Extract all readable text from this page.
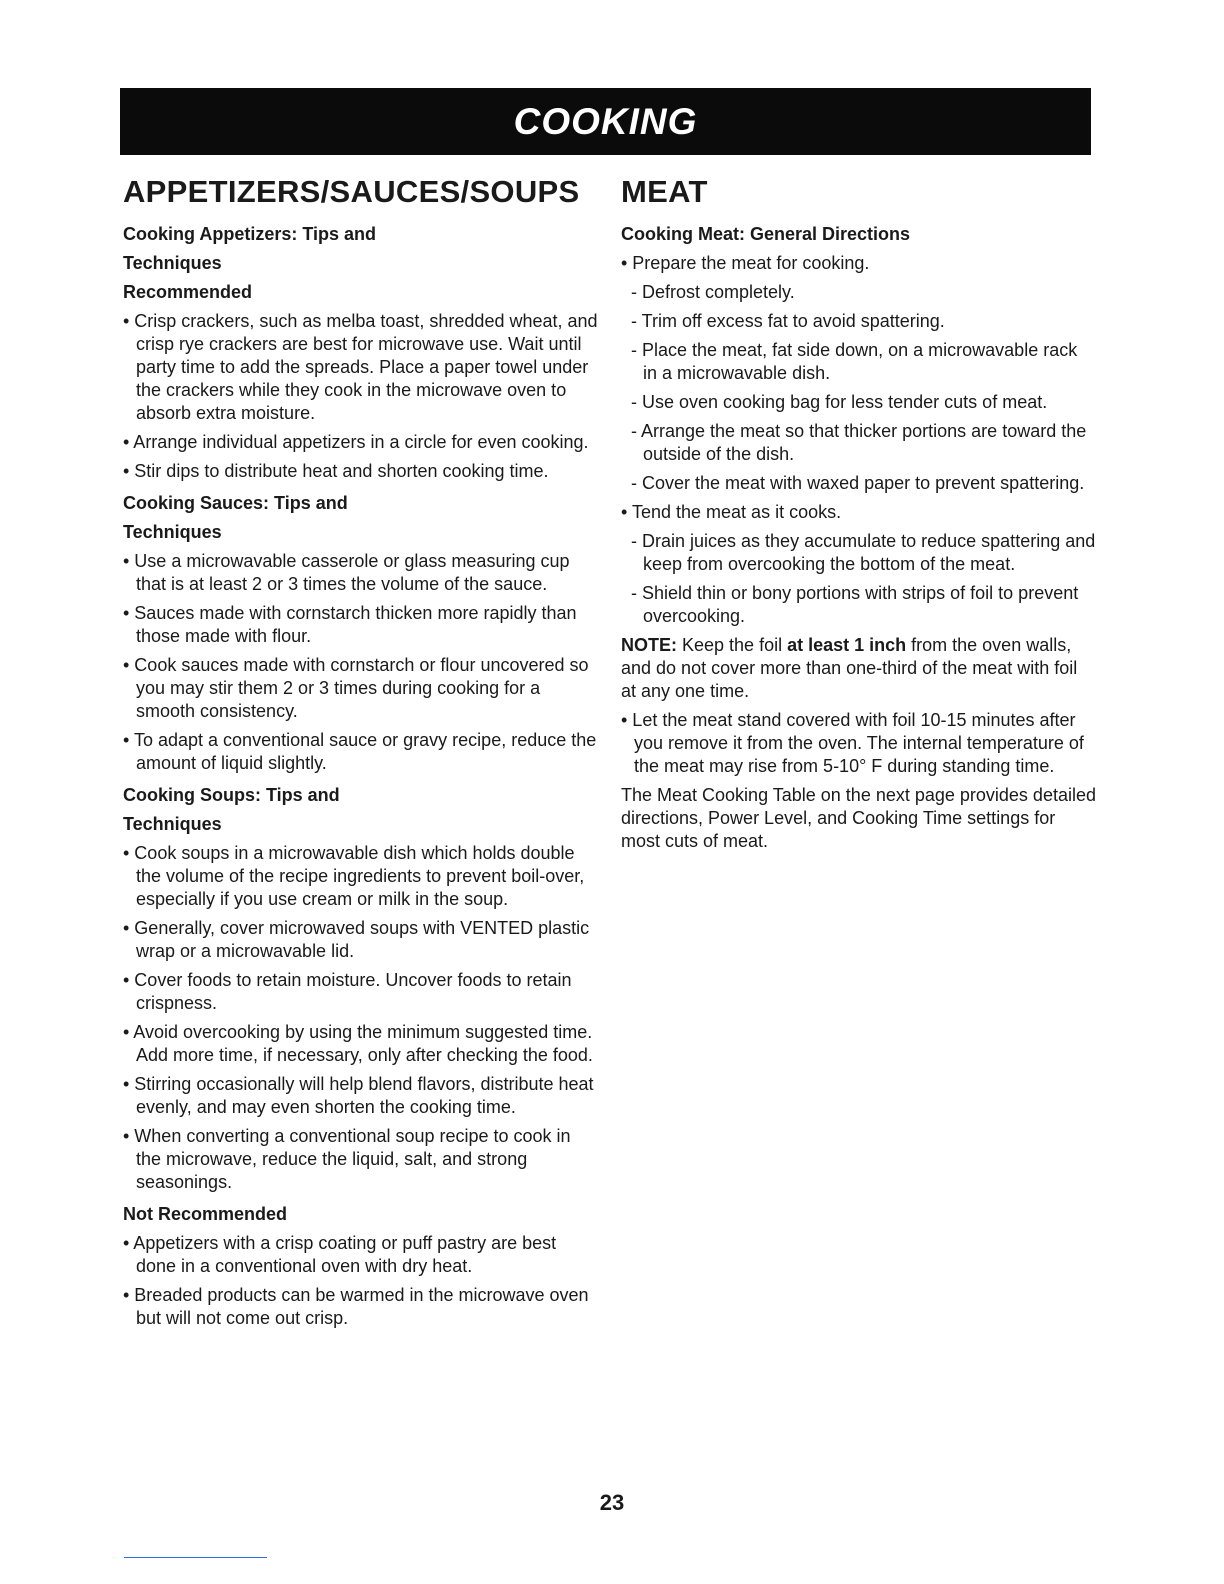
COOKING
APPETIZERS/SAUCES/SOUPS
Cooking Appetizers: Tips and
Techniques
Recommended
• Crisp crackers, such as melba toast, shredded wheat, and crisp rye crackers are best for microwave use. Wait until party time to add the spreads. Place a paper towel under the crackers while they cook in the microwave oven to absorb extra moisture.
• Arrange individual appetizers in a circle for even cooking.
• Stir dips to distribute heat and shorten cooking time.
Cooking Sauces: Tips and
Techniques
• Use a microwavable casserole or glass measuring cup that is at least 2 or 3 times the volume of the sauce.
• Sauces made with cornstarch thicken more rapidly than those made with flour.
• Cook sauces made with cornstarch or flour uncovered so you may stir them 2 or 3 times during cooking for a smooth consistency.
• To adapt a conventional sauce or gravy recipe, reduce the amount of liquid slightly.
Cooking Soups: Tips and
Techniques
• Cook soups in a microwavable dish which holds double the volume of the recipe ingredients to prevent boil-over, especially if you use cream or milk in the soup.
• Generally, cover microwaved soups with VENTED plastic wrap or a microwavable lid.
• Cover foods to retain moisture. Uncover foods to retain crispness.
• Avoid overcooking by using the minimum suggested time. Add more time, if necessary, only after checking the food.
• Stirring occasionally will help blend flavors, distribute heat evenly, and may even shorten the cooking time.
• When converting a conventional soup recipe to cook in the microwave, reduce the liquid, salt, and strong seasonings.
Not Recommended
• Appetizers with a crisp coating or puff pastry are best done in a conventional oven with dry heat.
• Breaded products can be warmed in the microwave oven but will not come out crisp.
MEAT
Cooking Meat: General Directions
• Prepare the meat for cooking.
- Defrost completely.
- Trim off excess fat to avoid spattering.
- Place the meat, fat side down, on a microwavable rack in a microwavable dish.
- Use oven cooking bag for less tender cuts of meat.
- Arrange the meat so that thicker portions are toward the outside of the dish.
- Cover the meat with waxed paper to prevent spattering.
• Tend the meat as it cooks.
- Drain juices as they accumulate to reduce spattering and keep from overcooking the bottom of the meat.
- Shield thin or bony portions with strips of foil to prevent overcooking.
NOTE: Keep the foil at least 1 inch from the oven walls, and do not cover more than one-third of the meat with foil at any one time.
• Let the meat stand covered with foil 10-15 minutes after you remove it from the oven. The internal temperature of the meat may rise from 5-10° F during standing time.
The Meat Cooking Table on the next page provides detailed directions, Power Level, and Cooking Time settings for most cuts of meat.
23
